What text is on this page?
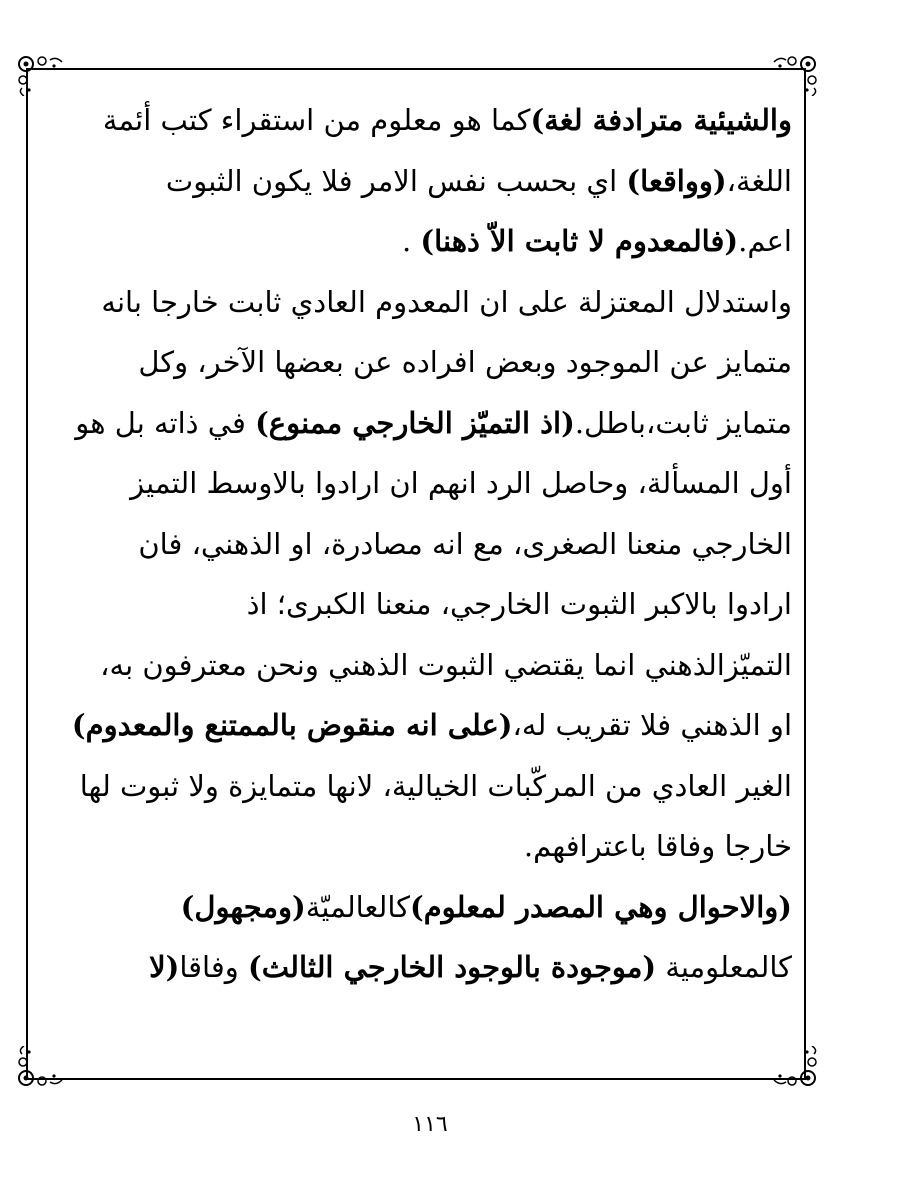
والشيئية مترادفة لغة)كما هو معلوم من استقراء كتب أئمة
اللغة،(وواقعا) اي بحسب نفس الامر فلا يكون الثبوت
اعم.(فالمعدوم لا ثابت الاّ ذهنا) .
واستدلال المعتزلة على ان المعدوم العادي ثابت خارجا بانه
متمايز عن الموجود وبعض افراده عن بعضها الآخر، وكل
متمايز ثابت،باطل.(اذ التميّز الخارجي ممنوع) في ذاته بل هو
أول المسألة، وحاصل الرد انهم ان ارادوا بالاوسط التميز
الخارجي منعنا الصغرى، مع انه مصادرة، او الذهني، فان
ارادوا بالاكبر الثبوت الخارجي، منعنا الكبرى؛ اذ
التميّزالذهني انما يقتضي الثبوت الذهني ونحن معترفون به،
او الذهني فلا تقريب له،(على انه منقوض بالممتنع والمعدوم)
الغير العادي من المركّبات الخيالية، لانها متمايزة ولا ثبوت لها
خارجا وفاقا باعترافهم.
(والاحوال وهي المصدر لمعلوم)كالعالميّة(ومجهول)
كالمعلومية (موجودة بالوجود الخارجي الثالث) وفاقا(لا
١١٦
